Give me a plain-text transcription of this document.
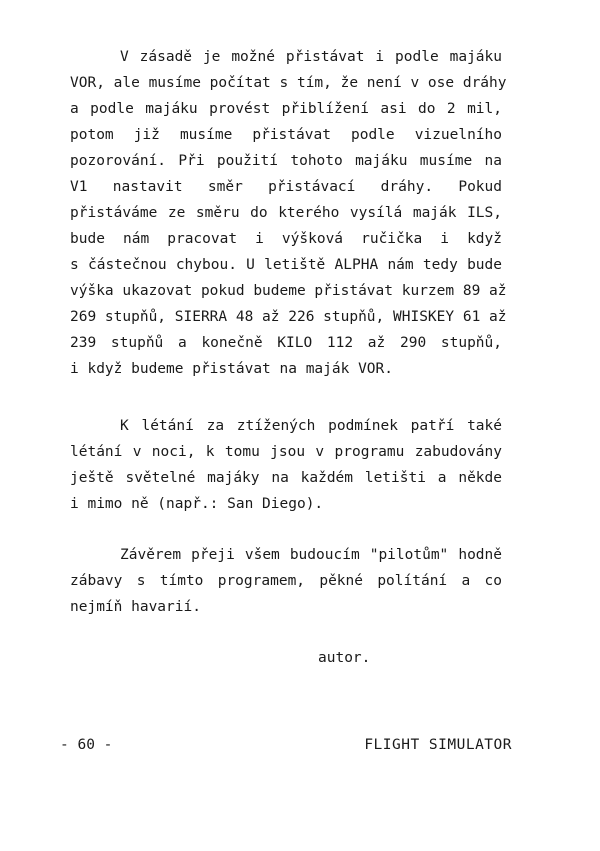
V zásadě je možné přistávat i podle majáku
VOR, ale musíme počítat s tím, že není v ose dráhy
a podle majáku provést přiblížení asi do 2 mil,
potom již musíme přistávat podle vizuelního
pozorování. Při použití tohoto majáku musíme na
V1 nastavit směr přistávací dráhy. Pokud
přistáváme ze směru do kterého vysílá maják ILS,
bude nám pracovat i výšková ručička i když
s částečnou chybou. U letiště ALPHA nám tedy bude
výška ukazovat pokud budeme přistávat kurzem 89 až
269 stupňů, SIERRA 48 až 226 stupňů, WHISKEY 61 až
239 stupňů a konečně KILO 112 až 290 stupňů,
i když budeme přistávat na maják VOR.
K létání za ztížených podmínek patří také
létání v noci, k tomu jsou v programu zabudovány
ještě světelné majáky na každém letišti a někde
i mimo ně (např.: San Diego).
Závěrem přeji všem budoucím "pilotům" hodně
zábavy s tímto programem, pěkné polítání a co
nejmíň havarií.

autor.

- 60 -	FLIGHT SIMULATOR
